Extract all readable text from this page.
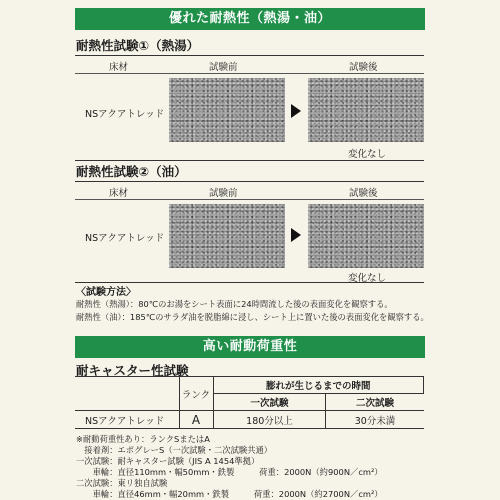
優れた耐熱性（熱湯・油）
耐熱性試験①（熱湯）
床材	試験前	試験後
NSアクアトレッド
変化なし
耐熱性試験②（油）
床材	試験前	試験後
NSアクアトレッド
変化なし
〈試験方法〉
耐熱性（熱湯）：80℃のお湯をシート表面に24時間流した後の表面変化を観察する。
耐熱性（油）：185℃のサラダ油を脱脂綿に浸し、シート上に置いた後の表面変化を観察する。
高い耐動荷重性
耐キャスター性試験
	ランク	膨れが生じるまでの時間	
		一次試験	二次試験
NSアクアトレッド	A	180分以上	30分未満
※耐動荷重性あり：ランクSまたはA
　接着剤：エポグレーS（一次試験・二次試験共通）
一次試験：耐キャスター試験（JIS A 1454準拠）
　　車輪：直径110mm・幅50mm・鉄製　　　荷重：2000N（約900N／cm²）
二次試験：東リ独自試験
　　車輪：直径46mm・幅20mm・鉄製　　　荷重：2000N（約2700N／cm²）
